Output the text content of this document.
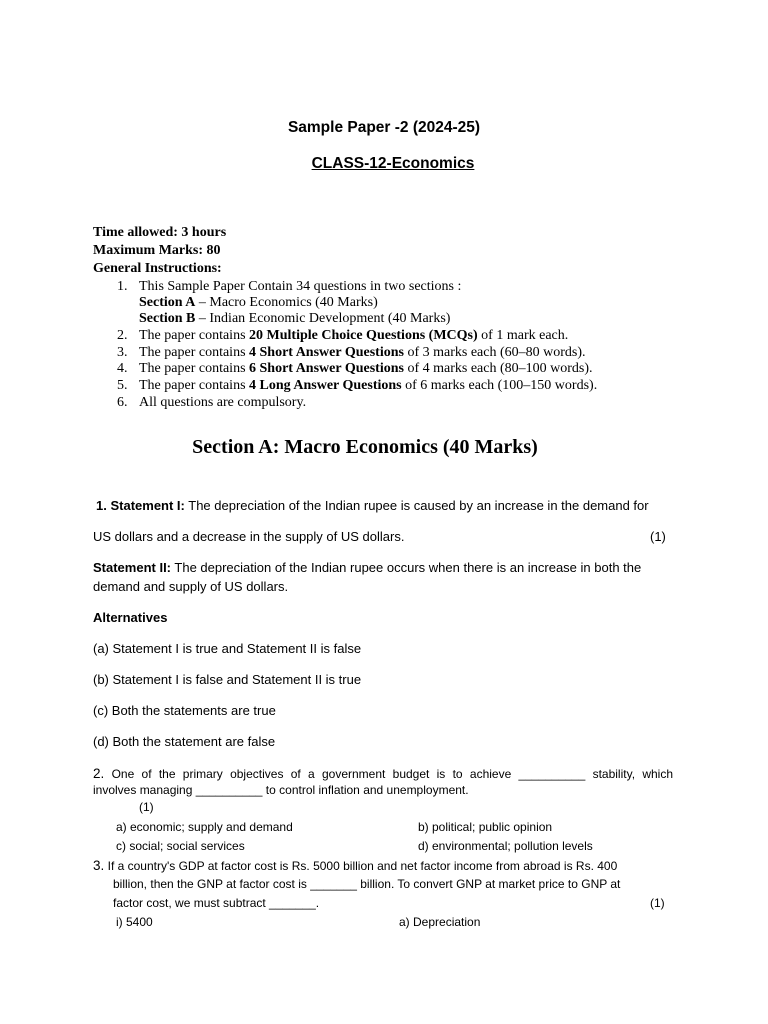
Sample Paper -2 (2024-25)
CLASS-12-Economics
Time allowed: 3 hours
Maximum Marks: 80
General Instructions:
1. This Sample Paper Contain 34 questions in two sections :
Section A – Macro Economics (40 Marks)
Section B – Indian Economic Development (40 Marks)
2. The paper contains 20 Multiple Choice Questions (MCQs) of 1 mark each.
3. The paper contains 4 Short Answer Questions of 3 marks each (60–80 words).
4. The paper contains 6 Short Answer Questions of 4 marks each (80–100 words).
5. The paper contains 4 Long Answer Questions of 6 marks each (100–150 words).
6. All questions are compulsory.
Section A: Macro Economics (40 Marks)
1. Statement I: The depreciation of the Indian rupee is caused by an increase in the demand for
US dollars and a decrease in the supply of US dollars.	(1)
Statement II: The depreciation of the Indian rupee occurs when there is an increase in both the
demand and supply of US dollars.
Alternatives
(a) Statement I is true and Statement II is false
(b) Statement I is false and Statement II is true
(c) Both the statements are true
(d) Both the statement are false
2. One of the primary objectives of a government budget is to achieve __________ stability, which
involves managing __________ to control inflation and unemployment.
(1)
a) economic; supply and demand	b) political; public opinion
c) social; social services	d) environmental; pollution levels
3. If a country's GDP at factor cost is Rs. 5000 billion and net factor income from abroad is Rs. 400
billion, then the GNP at factor cost is _______ billion. To convert GNP at market price to GNP at
factor cost, we must subtract _______.	(1)
i) 5400	a) Depreciation
